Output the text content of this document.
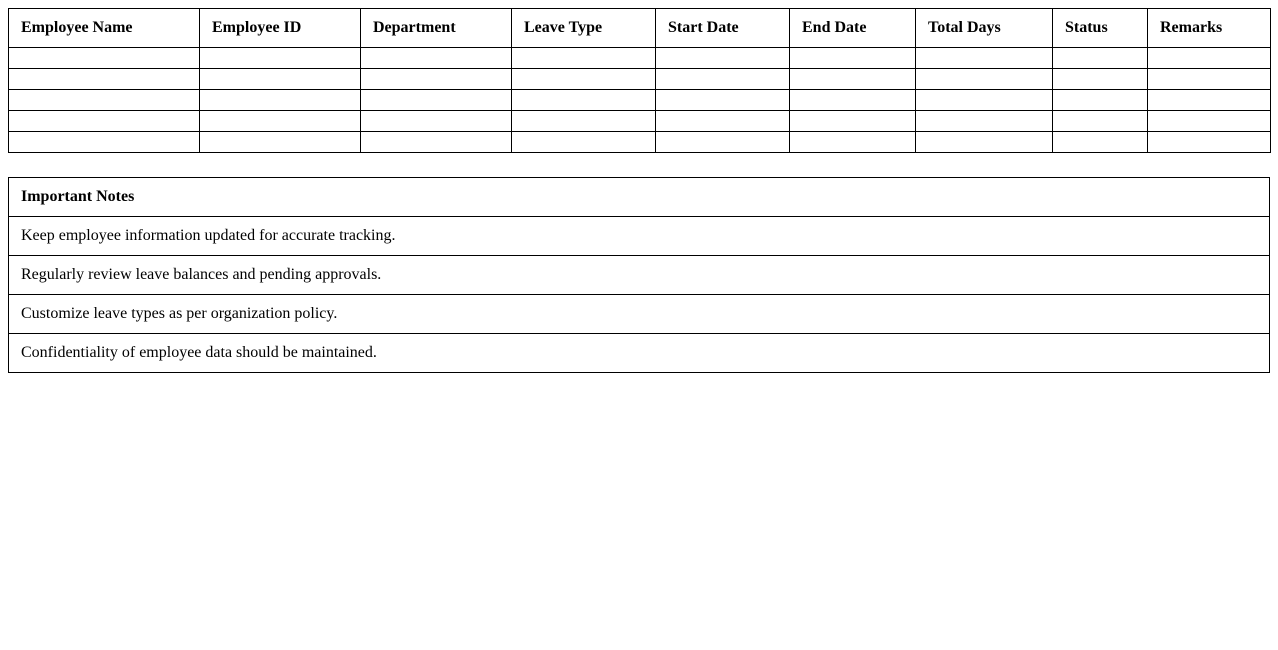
Employee Name	Employee ID	Department	Leave Type	Start Date	End Date	Total Days	Status	Remarks

Important Notes
Keep employee information updated for accurate tracking.
Regularly review leave balances and pending approvals.
Customize leave types as per organization policy.
Confidentiality of employee data should be maintained.
